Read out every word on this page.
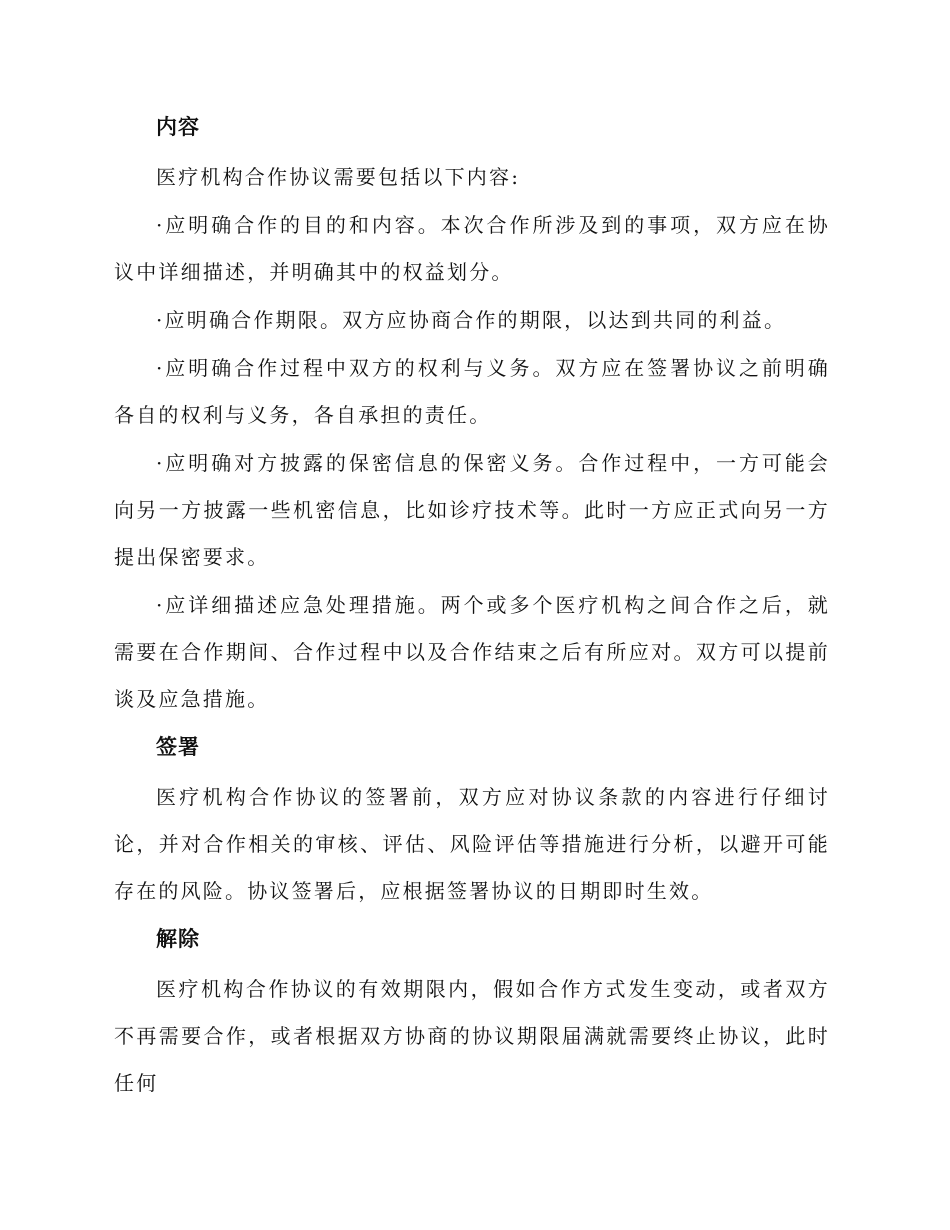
内容

医疗机构合作协议需要包括以下内容:

·应明确合作的目的和内容。本次合作所涉及到的事项，双方应在协议中详细描述，并明确其中的权益划分。

·应明确合作期限。双方应协商合作的期限，以达到共同的利益。

·应明确合作过程中双方的权利与义务。双方应在签署协议之前明确各自的权利与义务，各自承担的责任。

·应明确对方披露的保密信息的保密义务。合作过程中，一方可能会向另一方披露一些机密信息，比如诊疗技术等。此时一方应正式向另一方提出保密要求。

·应详细描述应急处理措施。两个或多个医疗机构之间合作之后，就需要在合作期间、合作过程中以及合作结束之后有所应对。双方可以提前谈及应急措施。

签署

医疗机构合作协议的签署前，双方应对协议条款的内容进行仔细讨论，并对合作相关的审核、评估、风险评估等措施进行分析，以避开可能存在的风险。协议签署后，应根据签署协议的日期即时生效。

解除

医疗机构合作协议的有效期限内，假如合作方式发生变动，或者双方不再需要合作，或者根据双方协商的协议期限届满就需要终止协议，此时任何
